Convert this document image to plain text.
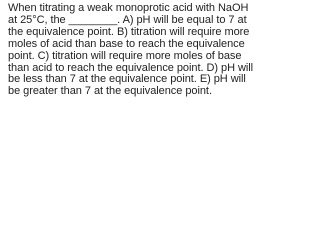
When titrating a weak monoprotic acid with NaOH at 25°C, the ________. A) pH will be equal to 7 at the equivalence point. B) titration will require more moles of acid than base to reach the equivalence point. C) titration will require more moles of base than acid to reach the equivalence point. D) pH will be less than 7 at the equivalence point. E) pH will be greater than 7 at the equivalence point.
